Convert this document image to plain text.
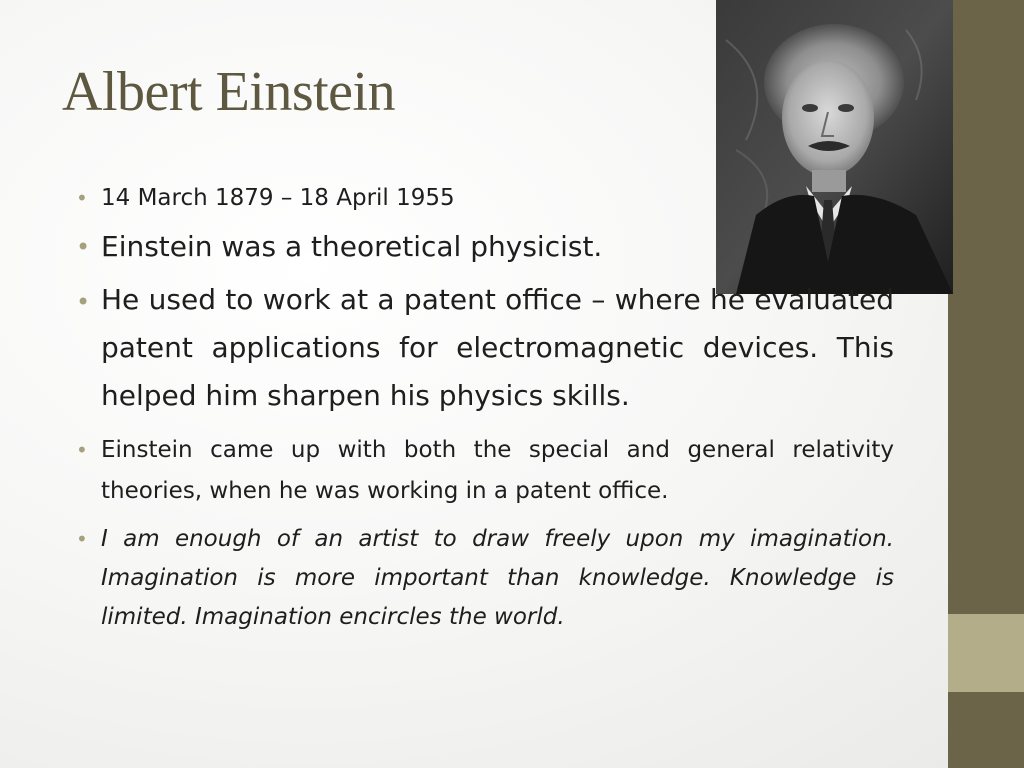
Albert Einstein
• 14 March 1879 – 18 April 1955
• Einstein was a theoretical physicist.
• He used to work at a patent office – where he evaluated patent applications for electromagnetic devices. This helped him sharpen his physics skills.
• Einstein came up with both the special and general relativity theories, when he was working in a patent office.
• I am enough of an artist to draw freely upon my imagination. Imagination is more important than knowledge. Knowledge is limited. Imagination encircles the world.
